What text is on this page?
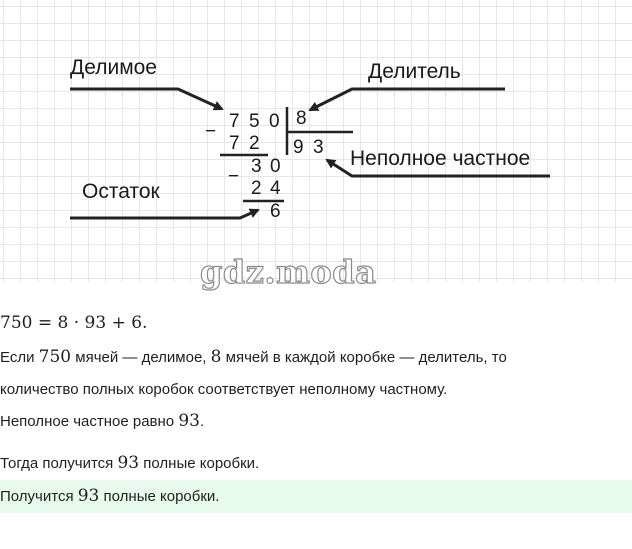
Делимое	Делитель
Неполное частное
Остаток
7 5 0 8
−
−
7 2 9 3
3 0
2 4
6
gdz.moda
750 = 8 · 93 + 6.
Если 750 мячей — делимое, 8 мячей в каждой коробке — делитель, то
количество полных коробок соответствует неполному частному.
Неполное частное равно 93.
Тогда получится 93 полные коробки.
Получится 93 полные коробки.
